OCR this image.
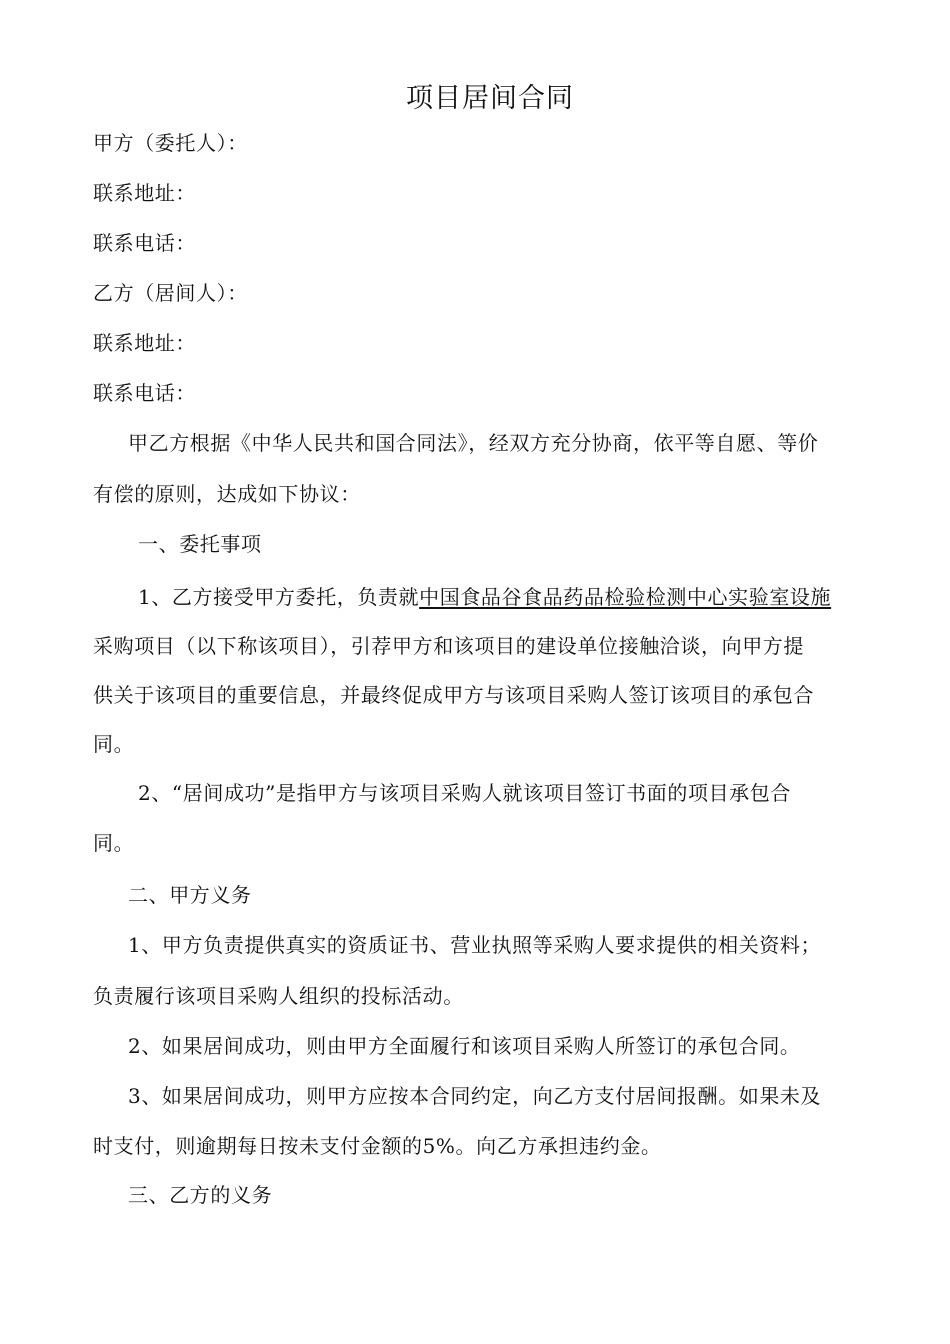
项目居间合同
甲方（委托人）：
联系地址：
联系电话：
乙方（居间人）：
联系地址：
联系电话：
甲乙方根据《中华人民共和国合同法》，经双方充分协商，依平等自愿、等价
有偿的原则，达成如下协议：
一、委托事项
1、乙方接受甲方委托，负责就中国食品谷食品药品检验检测中心实验室设施
采购项目（以下称该项目），引荐甲方和该项目的建设单位接触洽谈，向甲方提
供关于该项目的重要信息，并最终促成甲方与该项目采购人签订该项目的承包合
同。
2、“居间成功”是指甲方与该项目采购人就该项目签订书面的项目承包合
同。
二、甲方义务
1、甲方负责提供真实的资质证书、营业执照等采购人要求提供的相关资料；
负责履行该项目采购人组织的投标活动。
2、如果居间成功，则由甲方全面履行和该项目采购人所签订的承包合同。
3、如果居间成功，则甲方应按本合同约定，向乙方支付居间报酬。如果未及
时支付，则逾期每日按未支付金额的5%。向乙方承担违约金。
三、乙方的义务
